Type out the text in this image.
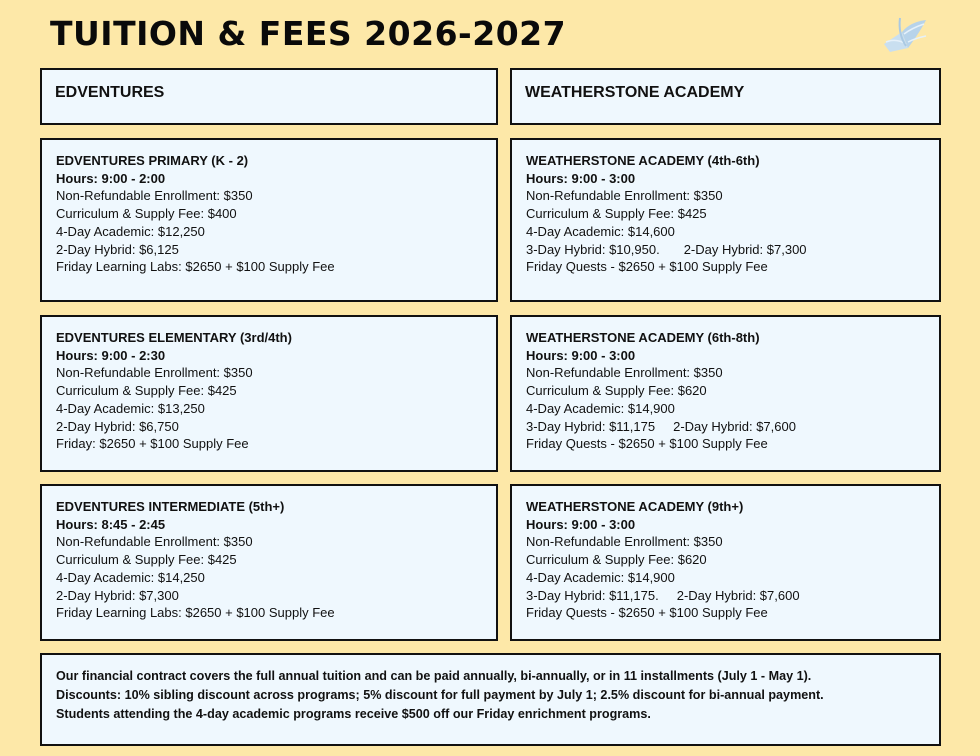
TUITION & FEES 2026-2027
EDVENTURES	WEATHERSTONE ACADEMY
EDVENTURES PRIMARY (K - 2)
Hours: 9:00 - 2:00
Non-Refundable Enrollment: $350
Curriculum & Supply Fee: $400
4-Day Academic: $12,250
2-Day Hybrid: $6,125
Friday Learning Labs: $2650 + $100 Supply Fee
EDVENTURES ELEMENTARY (3rd/4th)
Hours: 9:00 - 2:30
Non-Refundable Enrollment: $350
Curriculum & Supply Fee: $425
4-Day Academic: $13,250
2-Day Hybrid: $6,750
Friday: $2650 + $100 Supply Fee
EDVENTURES INTERMEDIATE (5th+)
Hours: 8:45 - 2:45
Non-Refundable Enrollment: $350
Curriculum & Supply Fee: $425
4-Day Academic: $14,250
2-Day Hybrid: $7,300
Friday Learning Labs: $2650 + $100 Supply Fee
WEATHERSTONE ACADEMY (4th-6th)
Hours: 9:00 - 3:00
Non-Refundable Enrollment: $350
Curriculum & Supply Fee: $425
4-Day Academic: $14,600
3-Day Hybrid: $10,950. 2-Day Hybrid: $7,300
Friday Quests - $2650 + $100 Supply Fee
WEATHERSTONE ACADEMY (6th-8th)
Hours: 9:00 - 3:00
Non-Refundable Enrollment: $350
Curriculum & Supply Fee: $620
4-Day Academic: $14,900
3-Day Hybrid: $11,175 2-Day Hybrid: $7,600
Friday Quests - $2650 + $100 Supply Fee
WEATHERSTONE ACADEMY (9th+)
Hours: 9:00 - 3:00
Non-Refundable Enrollment: $350
Curriculum & Supply Fee: $620
4-Day Academic: $14,900
3-Day Hybrid: $11,175. 2-Day Hybrid: $7,600
Friday Quests - $2650 + $100 Supply Fee
Our financial contract covers the full annual tuition and can be paid annually, bi-annually, or in 11 installments (July 1 - May 1).
Discounts: 10% sibling discount across programs; 5% discount for full payment by July 1; 2.5% discount for bi-annual payment.
Students attending the 4-day academic programs receive $500 off our Friday enrichment programs.
